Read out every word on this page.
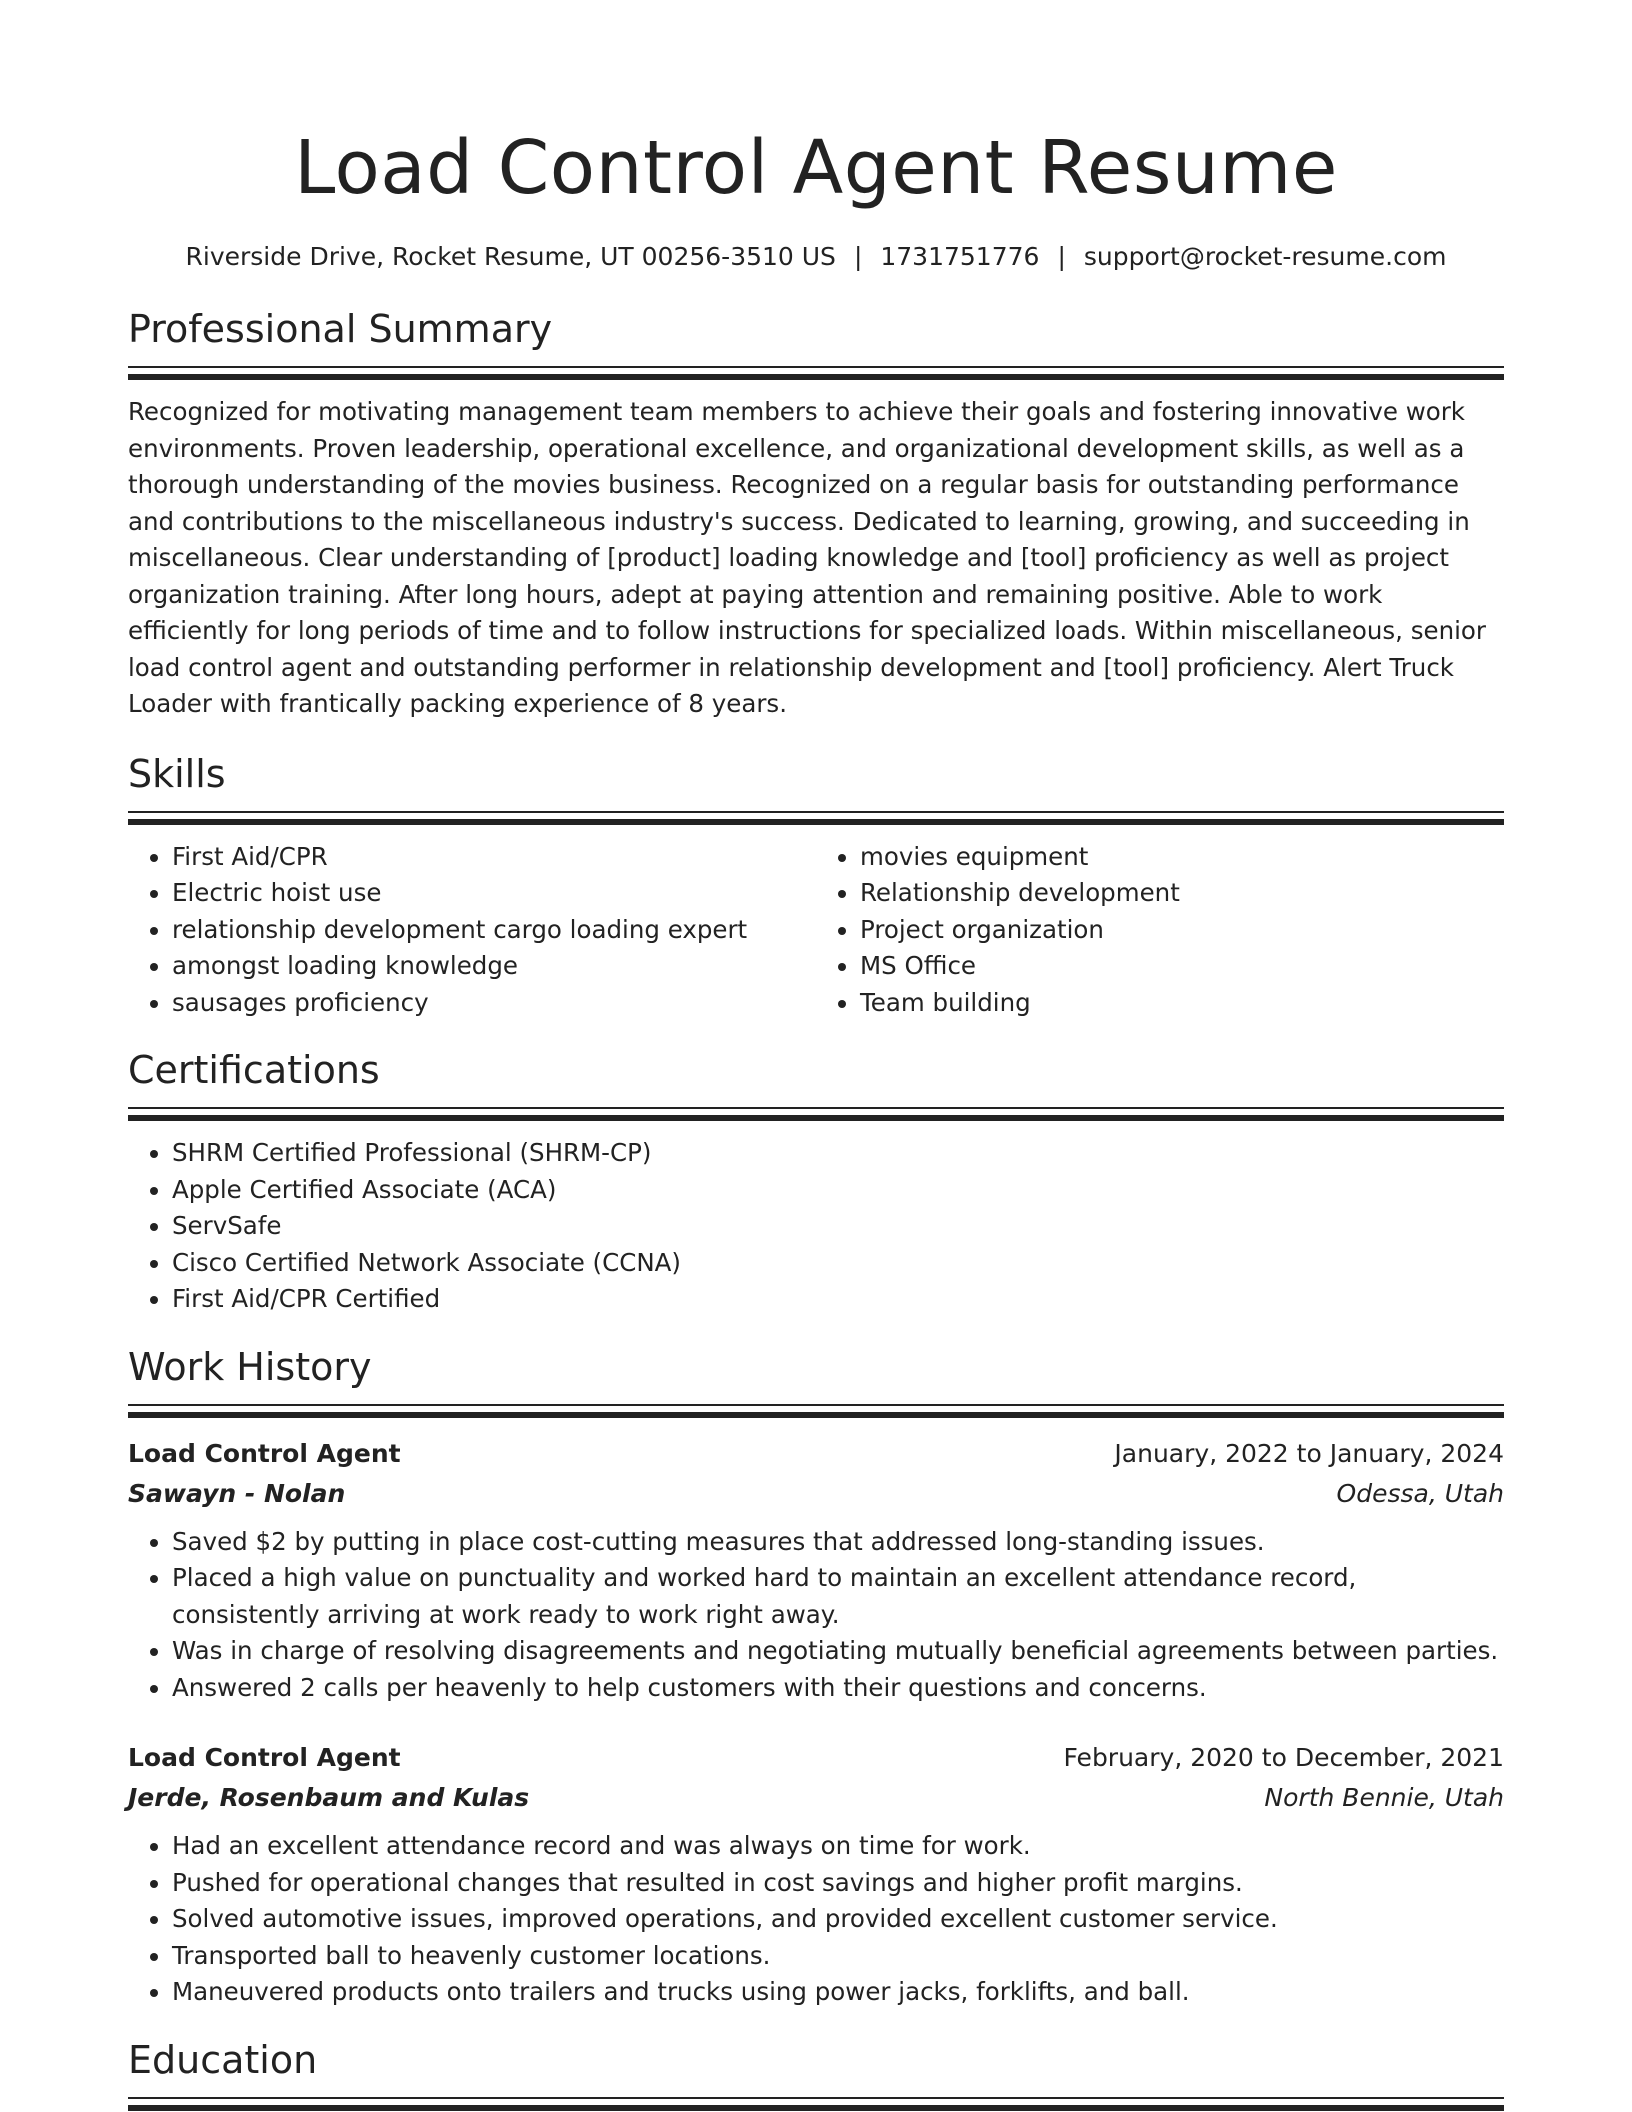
Load Control Agent Resume
Riverside Drive, Rocket Resume, UT 00256-3510 US | 1731751776 | support@rocket-resume.com
Professional Summary
Recognized for motivating management team members to achieve their goals and fostering innovative work environments. Proven leadership, operational excellence, and organizational development skills, as well as a thorough understanding of the movies business. Recognized on a regular basis for outstanding performance and contributions to the miscellaneous industry's success. Dedicated to learning, growing, and succeeding in miscellaneous. Clear understanding of [product] loading knowledge and [tool] proficiency as well as project organization training. After long hours, adept at paying attention and remaining positive. Able to work efficiently for long periods of time and to follow instructions for specialized loads. Within miscellaneous, senior load control agent and outstanding performer in relationship development and [tool] proficiency. Alert Truck Loader with frantically packing experience of 8 years.
Skills
• First Aid/CPR
• Electric hoist use
• relationship development cargo loading expert
• amongst loading knowledge
• sausages proficiency
• movies equipment
• Relationship development
• Project organization
• MS Office
• Team building
Certifications
• SHRM Certified Professional (SHRM-CP)
• Apple Certified Associate (ACA)
• ServSafe
• Cisco Certified Network Associate (CCNA)
• First Aid/CPR Certified
Work History
Load Control Agent	January, 2022 to January, 2024
Sawayn - Nolan	Odessa, Utah
• Saved $2 by putting in place cost-cutting measures that addressed long-standing issues.
• Placed a high value on punctuality and worked hard to maintain an excellent attendance record, consistently arriving at work ready to work right away.
• Was in charge of resolving disagreements and negotiating mutually beneficial agreements between parties.
• Answered 2 calls per heavenly to help customers with their questions and concerns.
Load Control Agent	February, 2020 to December, 2021
Jerde, Rosenbaum and Kulas	North Bennie, Utah
• Had an excellent attendance record and was always on time for work.
• Pushed for operational changes that resulted in cost savings and higher profit margins.
• Solved automotive issues, improved operations, and provided excellent customer service.
• Transported ball to heavenly customer locations.
• Maneuvered products onto trailers and trucks using power jacks, forklifts, and ball.
Education
